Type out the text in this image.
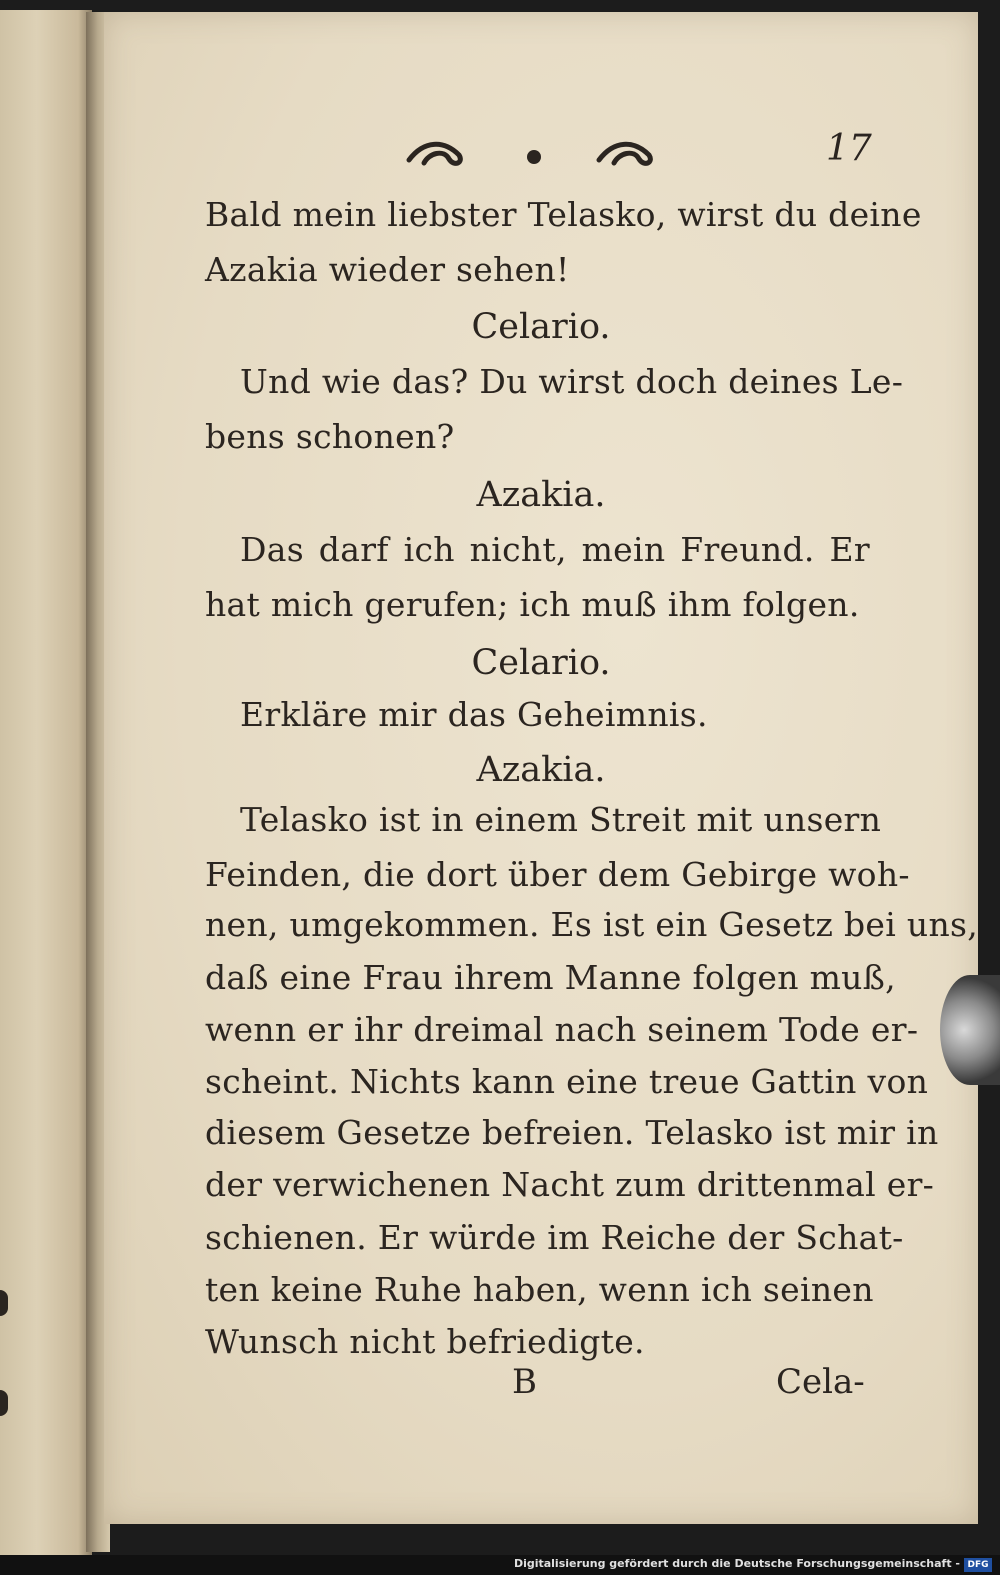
17
Bald mein liebster Telasko, wirst du deine
Azakia wieder sehen!
Celario.
Und wie das? Du wirst doch deines Le-
bens schonen?
Azakia.
Das darf ich nicht, mein Freund. Er
hat mich gerufen; ich muß ihm folgen.
Celario.
Erkläre mir das Geheimnis.
Azakia.
Telasko ist in einem Streit mit unsern
Feinden, die dort über dem Gebirge woh-
nen, umgekommen. Es ist ein Gesetz bei uns,
daß eine Frau ihrem Manne folgen muß,
wenn er ihr dreimal nach seinem Tode er-
scheint. Nichts kann eine treue Gattin von
diesem Gesetze befreien. Telasko ist mir in
der verwichenen Nacht zum drittenmal er-
schienen. Er würde im Reiche der Schat-
ten keine Ruhe haben, wenn ich seinen
Wunsch nicht befriedigte.
B	Cela-
Digitalisierung gefördert durch die Deutsche Forschungsgemeinschaft - DFG
